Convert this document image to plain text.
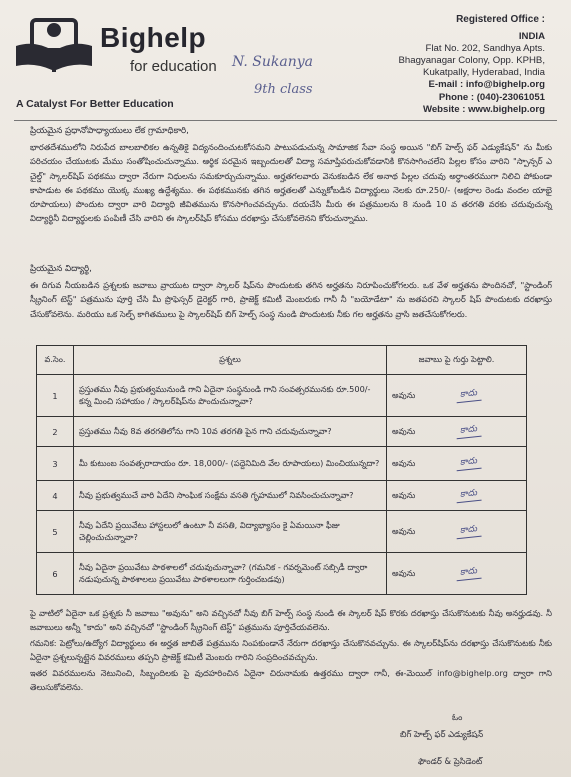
Bighelp
for education
A Catalyst For Better Education
N. Sukanya
9th class
Registered Office :
INDIA
Flat No. 202, Sandhya Apts.
Bhagyanagar Colony, Opp. KPHB,
Kukatpally, Hyderabad, India
E-mail : info@bighelp.org
Phone : (040)-23061051
Website : www.bighelp.org
ప్రియమైన ప్రధానోపాధ్యాయులు లేక గ్రామాధికారి,
భారతదేశములోని నిరుపేద బాలబాలికల ఉన్నతికై విద్యనందించుటకోసమని పాటుపడుచున్న సామాజిక సేవా సంస్థ అయిన "బిగ్ హెల్ప్ ఫర్ ఎడ్యుకేషన్" ను మీకు పరిచయం చేయుటకు మేము సంతోషించుచున్నాము. ఆర్థిక పరమైన ఇబ్బందులతో విద్యా సమాప్తిపరుచుకోవడానికి కొనసాగించలేని పిల్లల కోసం వారిని "స్పాన్సర్ ఎ చైల్డ్" స్కాలర్‌షిప్ పథకము ద్వారా నేరుగా నిధులను సమకూర్చుచున్నాము. అర్హతగలవారు వెనుకబడిన లేక అనాథ పిల్లల చదువు అర్ధాంతరముగా నిలిచి పోకుండా కాపాడుట ఈ పథకము యొక్క ముఖ్య ఉద్దేశ్యము. ఈ పథకమునకు తగిన అర్హతలతో ఎన్నుకోబడిన విద్యార్థులు నెలకు రూ.250/- (అక్షరాల రెండు వందల యాభై రూపాయలు) పొందుట ద్వారా వారి విద్యాధి జీవితమును కొనసాగించవచ్చును. దయచేసి మీరు ఈ పత్రములను 8 నుండి 10 వ తరగతి వరకు చదువుచున్న విద్యార్థినీ విద్యార్థులకు పంపిణీ చేసి వారిని ఈ స్కాలర్‌షిప్ కోసము దరఖాస్తు చేసుకోవలెనని కోరుచున్నాము.
ప్రియమైన విద్యార్థి,
ఈ దిగువ నీయబడిన ప్రశ్నలకు జవాబు వ్రాయుట ద్వారా స్కాలర్ షిప్‌ను పొందుటకు తగిన అర్హతను నిరూపించుకోగలరు. ఒక వేళ అర్హతను పొందినచో, "స్టాండింగ్ స్క్రీనింగ్ టెస్ట్" పత్రమును పూర్తి చేసి మీ ప్రొఫెస్సర్ డైరెక్టర్ గారి, ప్రాజెక్ట్ కమిటీ మెంబరుకు గానీ నీ "బయోడేటా" ను జతపరచి స్కాలర్ షిప్ పొందుటకు దరఖాస్తు చేసుకోవలెను. మరియు ఒక సెల్ఫ్ కాగితములు పై స్కాలర్‌షిప్ బిగ్ హెల్ప్ సంస్థ నుండి పొందుటకు నీకు గల అర్హతను వ్రాసి జతచేసుకోగలరు.
వ.సెం.	ప్రశ్నలు	జవాబు పై గుర్తు పెట్టాలి.	
1	ప్రస్తుతము నీవు ప్రభుత్వమునుండి గాని ఏదైనా సంస్థనుండి గాని సంవత్సరమునకు రూ.500/- కన్న మించి సహాయం / స్కాలర్‌షిప్‌ను పొందుచున్నావా?	అవును	కాదు
2	ప్రస్తుతము నీవు 8వ తరగతిలోను గాని 10వ తరగతి పైన గాని చదువుచున్నావా?	అవును	కాదు
3	మీ కుటుంబ సంవత్సరాదాయం రూ. 18,000/- (పద్దెనిమిది వేల రూపాయలు) మించియున్నదా?	అవును	కాదు
4	నీవు ప్రభుత్వముచే వారి ఏదేని సాంఘిక సంక్షేమ వసతి గృహములో నివసించుచున్నావా?	అవును	కాదు
5	నీవు ఏదేని ప్రయివేటు హాస్టలులో ఉంటూ నీ వసతి, విద్యాభ్యాసం కై ఏమయినా ఫీజు చెల్లించుచున్నావా?	అవును	కాదు
6	నీవు ఏదైనా ప్రయివేటు పాఠశాలలో చదువుచున్నావా? (గమనిక - గవర్నమెంట్ సబ్సిడీ ద్వారా నడుపుచున్న పాఠశాలలు ప్రయివేటు పాఠశాలలుగా గుర్తించబడవు)	అవును	కాదు
పై వాటిలో ఏదైనా ఒక ప్రశ్నకు నీ జవాబు "అవును" అని వచ్చినచో నీవు బిగ్ హెల్ప్ సంస్థ నుండి ఈ స్కాలర్ షిప్ కొరకు దరఖాస్తు చేసుకొనుటకు నీవు అనర్హుడవు. నీ జవాబులు అన్నీ "కాదు" అని వచ్చినచో "స్టాండింగ్ స్క్రీనింగ్ టెస్ట్" పత్రమును పూర్తిచేయవలెను.
గమనిక: పెట్రోలు/ఉద్యోగ విద్యార్థులు ఈ అర్హత జాబితే పత్రమును నింపకుండానే నేరుగా దరఖాస్తు చేసుకొనవచ్చును. ఈ స్కాలర్‌షిప్‌ను దరఖాస్తు చేసుకొనుటకు నీకు ఏదైనా ప్రశ్నలున్నట్లైన వివరములు తప్పని ప్రాజెక్ట్ కమిటీ మెంబరు గారిని సంప్రదించవచ్చును.
ఇతర వివరములను నెటునించి, సిబ్బందిలకు పై వుదహరించిన ఏదైనా చిరునామకు ఉత్తరము ద్వారా గానీ, ఈ-మెయిల్ info@bighelp.org ద్వారా గాని తెలుసుకోవలెను.
ఓం
బిగ్ హెల్ప్ ఫర్ ఎడ్యుకేషన్
ఫౌండర్ & ప్రెసిడెంట్
